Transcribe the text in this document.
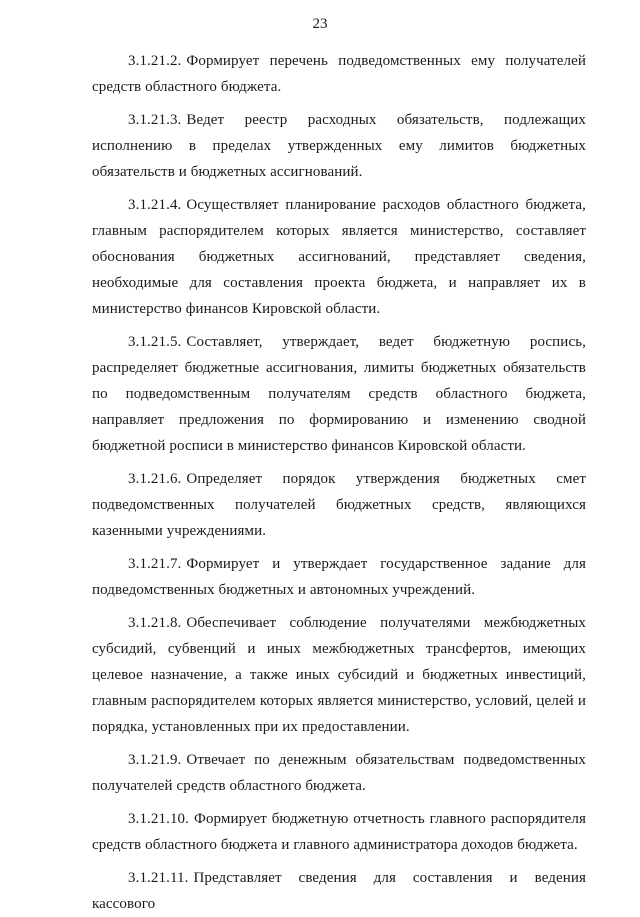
23

3.1.21.2. Формирует перечень подведомственных ему получателей средств областного бюджета.

3.1.21.3. Ведет реестр расходных обязательств, подлежащих исполнению в пределах утвержденных ему лимитов бюджетных обязательств и бюджетных ассигнований.

3.1.21.4. Осуществляет планирование расходов областного бюджета, главным распорядителем которых является министерство, составляет обоснования бюджетных ассигнований, представляет сведения, необходимые для составления проекта бюджета, и направляет их в министерство финансов Кировской области.

3.1.21.5. Составляет, утверждает, ведет бюджетную роспись, распределяет бюджетные ассигнования, лимиты бюджетных обязательств по подведомственным получателям средств областного бюджета, направляет предложения по формированию и изменению сводной бюджетной росписи в министерство финансов Кировской области.

3.1.21.6. Определяет порядок утверждения бюджетных смет подведомственных получателей бюджетных средств, являющихся казенными учреждениями.

3.1.21.7. Формирует и утверждает государственное задание для подведомственных бюджетных и автономных учреждений.

3.1.21.8. Обеспечивает соблюдение получателями межбюджетных субсидий, субвенций и иных межбюджетных трансфертов, имеющих целевое назначение, а также иных субсидий и бюджетных инвестиций, главным распорядителем которых является министерство, условий, целей и порядка, установленных при их предоставлении.

3.1.21.9. Отвечает по денежным обязательствам подведомственных получателей средств областного бюджета.

3.1.21.10. Формирует бюджетную отчетность главного распорядителя средств областного бюджета и главного администратора доходов бюджета.

3.1.21.11. Представляет сведения для составления и ведения кассового
